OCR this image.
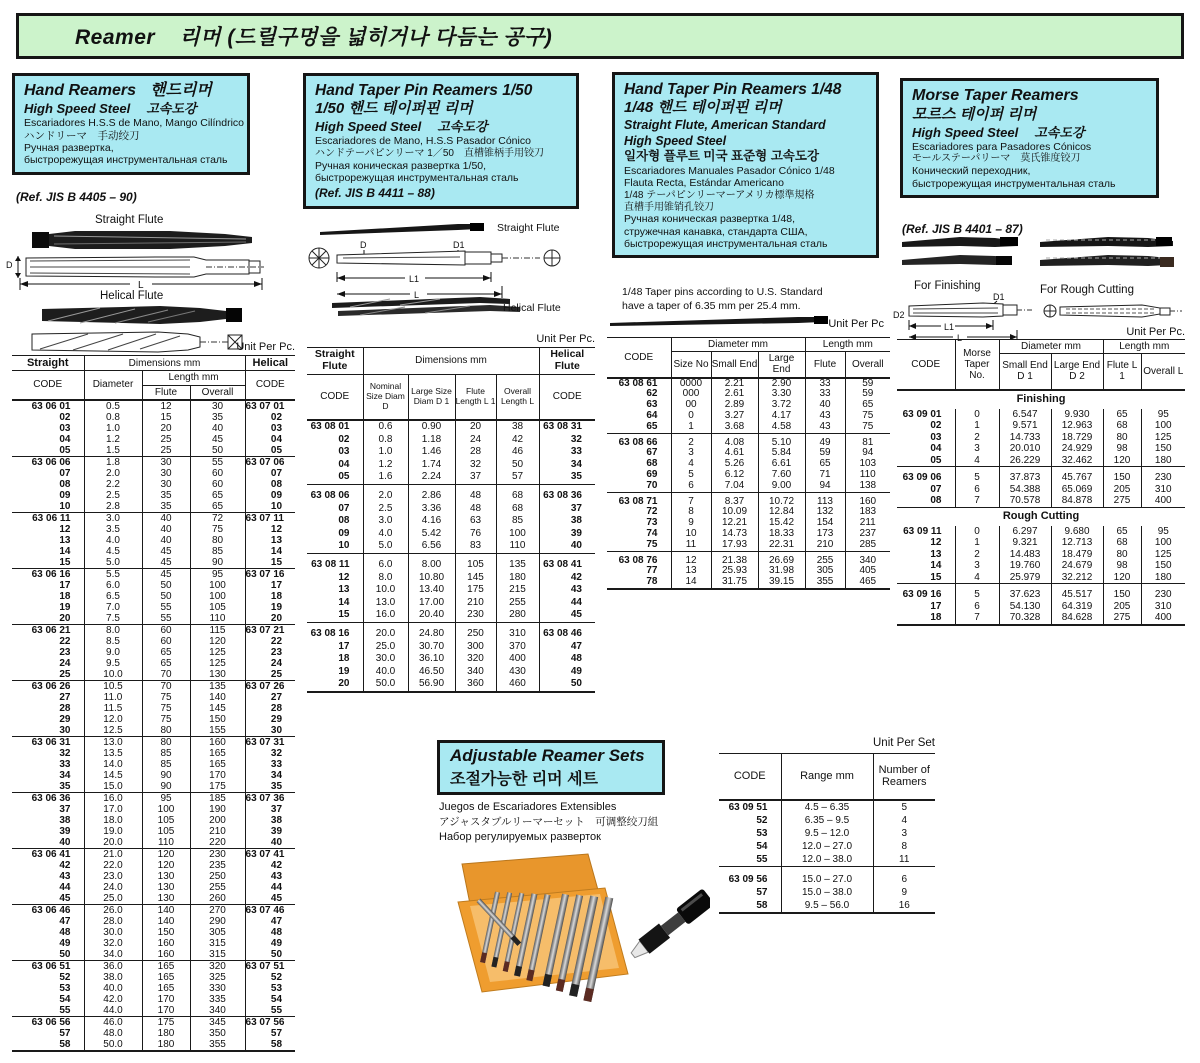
Reamer 리머 (드릴구멍을 넓히거나 다듬는 공구)
Hand Reamers 핸드리머
High Speed Steel 고속도강
Escariadores H.S.S de Mano, Mango Cilíndrico
ハンドリーマ　手动绞刀
Ручная развертка,
быстрорежущая инструментальная сталь
(Ref. JIS B 4405 – 90)
Hand Taper Pin Reamers 1/50
1/50 핸드 테이퍼핀 리머
High Speed Steel 고속도강
Escariadores de Mano, H.S.S Pasador Cónico
ハンドテーパピンリーマ 1／50　直槽锥柄手用铰刀
Ручная коническая развертка 1/50,
быстрорежущая инструментальная сталь
(Ref. JIS B 4411 – 88)
Hand Taper Pin Reamers 1/48
1/48 핸드 테이퍼핀 리머
Straight Flute, American Standard
High Speed Steel
일자형 플루트 미국 표준형 고속도강
Escariadores Manuales Pasador Cónico 1/48
Flauta Recta, Estándar Americano
1/48 テーパピンリーマーアメリカ標準規格
直槽手用锥销孔铰刀
Ручная коническая развертка 1/48,
стружечная канавка, стандарта США,
быстрорежущая инструментальная сталь
Morse Taper Reamers
모르스 테이퍼 리머
High Speed Steel 고속도강
Escariadores para Pasadores Cónicos
モールステーパリーマ　莫氏锥度铰刀
Конический переходник,
быстрорежущая инструментальная сталь
(Ref. JIS B 4401 – 87)
1/48 Taper pins according to U.S. Standard
have a taper of 6.35 mm per 25.4 mm.
Straight Flute
D
L
Helical Flute
Unit Per Pc.
Straight Flute
D	D1
L1
L
Helical Flute
Unit Per Pc.
Unit Per Pc
For Finishing	For Rough Cutting
D2
D1
L1
L	Unit Per Pc.
Straight	Dimensions mm			Helical
CODE	Diameter	Length mm		CODE
		Flute	Overall	
63 06 01	0.5	12	30	63 07 01
02	0.8	15	35	02
03	1.0	20	40	03
04	1.2	25	45	04
05	1.5	25	50	05
63 06 06	1.8	30	55	63 07 06
07	2.0	30	60	07
08	2.2	30	60	08
09	2.5	35	65	09
10	2.8	35	65	10
63 06 11	3.0	40	72	63 07 11
12	3.5	40	75	12
13	4.0	40	80	13
14	4.5	45	85	14
15	5.0	45	90	15
63 06 16	5.5	45	95	63 07 16
17	6.0	50	100	17
18	6.5	50	100	18
19	7.0	55	105	19
20	7.5	55	110	20
63 06 21	8.0	60	115	63 07 21
22	8.5	60	120	22
23	9.0	65	125	23
24	9.5	65	125	24
25	10.0	70	130	25
63 06 26	10.5	70	135	63 07 26
27	11.0	75	140	27
28	11.5	75	145	28
29	12.0	75	150	29
30	12.5	80	155	30
63 06 31	13.0	80	160	63 07 31
32	13.5	85	165	32
33	14.0	85	165	33
34	14.5	90	170	34
35	15.0	90	175	35
63 06 36	16.0	95	185	63 07 36
37	17.0	100	190	37
38	18.0	105	200	38
39	19.0	105	210	39
40	20.0	110	220	40
63 06 41	21.0	120	230	63 07 41
42	22.0	120	235	42
43	23.0	130	250	43
44	24.0	130	255	44
45	25.0	130	260	45
63 06 46	26.0	140	270	63 07 46
47	28.0	140	290	47
48	30.0	150	305	48
49	32.0	160	315	49
50	34.0	160	315	50
63 06 51	36.0	165	320	63 07 51
52	38.0	165	325	52
53	40.0	165	330	53
54	42.0	170	335	54
55	44.0	170	340	55
63 06 56	46.0	175	345	63 07 56
57	48.0	180	350	57
58	50.0	180	355	58
Straight Flute	Dimensions mm				Helical Flute
CODE	Nominal Size Diam D	Large Size Diam D 1	Flute Length L 1	Overall Length L	CODE
63 08 01	0.6	0.90	20	38	63 08 31
02	0.8	1.18	24	42	32
03	1.0	1.46	28	46	33
04	1.2	1.74	32	50	34
05	1.6	2.24	37	57	35
63 08 06	2.0	2.86	48	68	63 08 36
07	2.5	3.36	48	68	37
08	3.0	4.16	63	85	38
09	4.0	5.42	76	100	39
10	5.0	6.56	83	110	40
63 08 11	6.0	8.00	105	135	63 08 41
12	8.0	10.80	145	180	42
13	10.0	13.40	175	215	43
14	13.0	17.00	210	255	44
15	16.0	20.40	230	280	45
63 08 16	20.0	24.80	250	310	63 08 46
17	25.0	30.70	300	370	47
18	30.0	36.10	320	400	48
19	40.0	46.50	340	430	49
20	50.0	56.90	360	460	50
CODE	Diameter mm			Length mm	
	Size No	Small End	Large End	Flute	Overall
63 08 61	0000	2.21	2.90	33	59
62	000	2.61	3.30	33	59
63	00	2.89	3.72	40	65
64	0	3.27	4.17	43	75
65	1	3.68	4.58	43	75
63 08 66	2	4.08	5.10	49	81
67	3	4.61	5.84	59	94
68	4	5.26	6.61	65	103
69	5	6.12	7.60	71	110
70	6	7.04	9.00	94	138
63 08 71	7	8.37	10.72	113	160
72	8	10.09	12.84	132	183
73	9	12.21	15.42	154	211
74	10	14.73	18.33	173	237
75	11	17.93	22.31	210	285
63 08 76	12	21.38	26.69	255	340
77	13	25.93	31.98	305	405
78	14	31.75	39.15	355	465
CODE	Morse Taper No.	Diameter mm		Length mm	
		Small End D 1	Large End D 2	Flute L 1	Overall L
Finishing					
63 09 01	0	6.547	9.930	65	95
02	1	9.571	12.963	68	100
03	2	14.733	18.729	80	125
04	3	20.010	24.929	98	150
05	4	26.229	32.462	120	180
63 09 06	5	37.873	45.767	150	230
07	6	54.388	65.069	205	310
08	7	70.578	84.878	275	400
Rough Cutting					
63 09 11	0	6.297	9.680	65	95
12	1	9.321	12.713	68	100
13	2	14.483	18.479	80	125
14	3	19.760	24.679	98	150
15	4	25.979	32.212	120	180
63 09 16	5	37.623	45.517	150	230
17	6	54.130	64.319	205	310
18	7	70.328	84.628	275	400
Adjustable Reamer Sets
조절가능한 리머 세트
Juegos de Escariadores Extensibles
アジャスタブルリーマーセット　可调整绞刀組
Набор регулируемых разверток
Unit Per Set
CODE	Range mm	Number of Reamers
63 09 51	4.5 – 6.35	5
52	6.35 – 9.5	4
53	9.5 – 12.0	3
54	12.0 – 27.0	8
55	12.0 – 38.0	11
63 09 56	15.0 – 27.0	6
57	15.0 – 38.0	9
58	9.5 – 56.0	16
